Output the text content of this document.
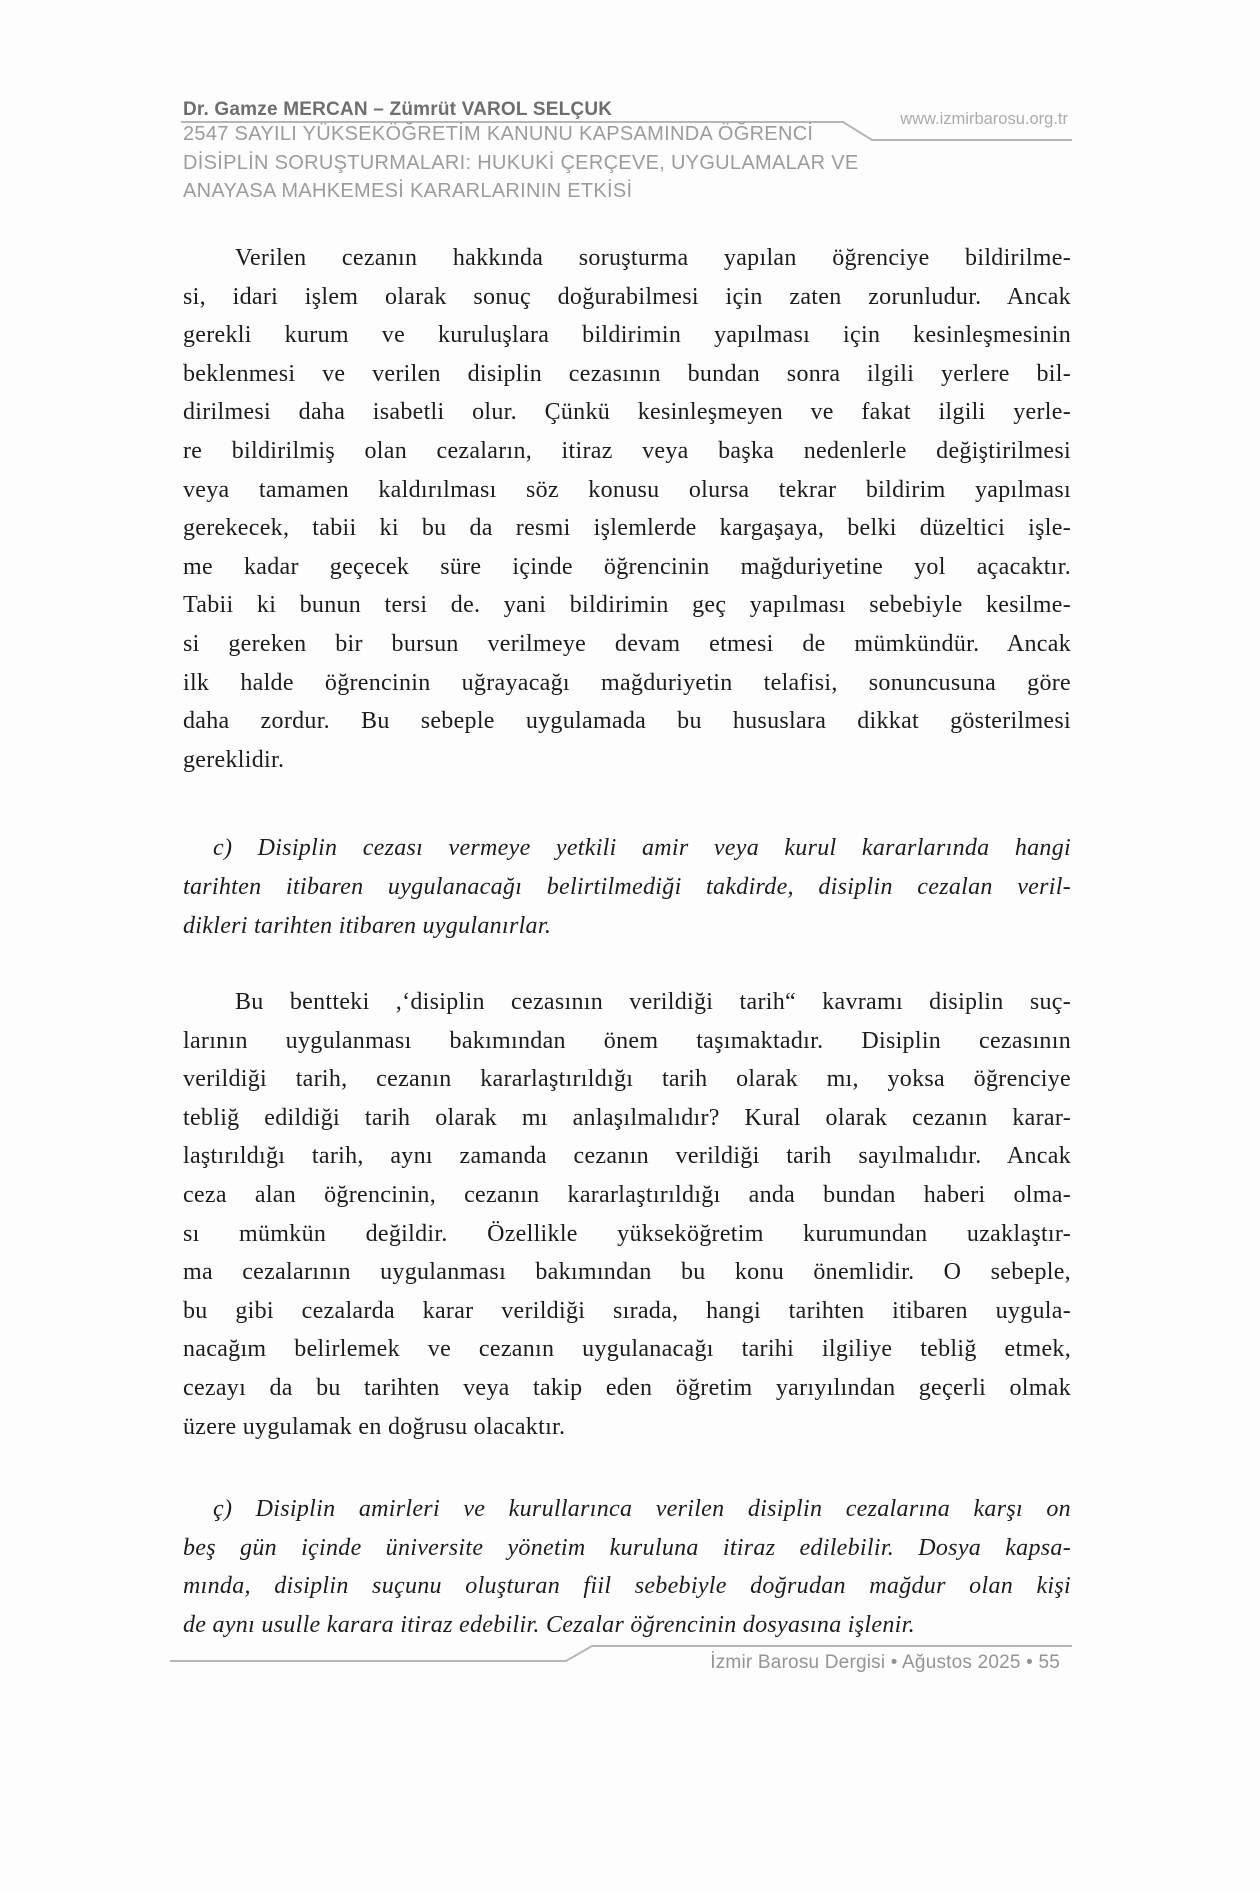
Dr. Gamze MERCAN – Zümrüt VAROL SELÇUK	www.izmirbarosu.org.tr
2547 SAYILI YÜKSEKÖĞRETİM KANUNU KAPSAMINDA ÖĞRENCİ
DİSİPLİN SORUŞTURMALARI: HUKUKİ ÇERÇEVE, UYGULAMALAR VE
ANAYASA MAHKEMESİ KARARLARININ ETKİSİ
Verilen cezanın hakkında soruşturma yapılan öğrenciye bildirilme-
si, idari işlem olarak sonuç doğurabilmesi için zaten zorunludur. Ancak
gerekli kurum ve kuruluşlara bildirimin yapılması için kesinleşmesinin
beklenmesi ve verilen disiplin cezasının bundan sonra ilgili yerlere bil-
dirilmesi daha isabetli olur. Çünkü kesinleşmeyen ve fakat ilgili yerle-
re bildirilmiş olan cezaların, itiraz veya başka nedenlerle değiştirilmesi
veya tamamen kaldırılması söz konusu olursa tekrar bildirim yapılması
gerekecek, tabii ki bu da resmi işlemlerde kargaşaya, belki düzeltici işle-
me kadar geçecek süre içinde öğrencinin mağduriyetine yol açacaktır.
Tabii ki bunun tersi de. yani bildirimin geç yapılması sebebiyle kesilme-
si gereken bir bursun verilmeye devam etmesi de mümkündür. Ancak
ilk halde öğrencinin uğrayacağı mağduriyetin telafisi, sonuncusuna göre
daha zordur. Bu sebeple uygulamada bu hususlara dikkat gösterilmesi
gereklidir.
c) Disiplin cezası vermeye yetkili amir veya kurul kararlarında hangi
tarihten itibaren uygulanacağı belirtilmediği takdirde, disiplin cezalan veril-
dikleri tarihten itibaren uygulanırlar.
Bu bentteki ,‘disiplin cezasının verildiği tarih“ kavramı disiplin suç-
larının uygulanması bakımından önem taşımaktadır. Disiplin cezasının
verildiği tarih, cezanın kararlaştırıldığı tarih olarak mı, yoksa öğrenciye
tebliğ edildiği tarih olarak mı anlaşılmalıdır? Kural olarak cezanın karar-
laştırıldığı tarih, aynı zamanda cezanın verildiği tarih sayılmalıdır. Ancak
ceza alan öğrencinin, cezanın kararlaştırıldığı anda bundan haberi olma-
sı mümkün değildir. Özellikle yükseköğretim kurumundan uzaklaştır-
ma cezalarının uygulanması bakımından bu konu önemlidir. O sebeple,
bu gibi cezalarda karar verildiği sırada, hangi tarihten itibaren uygula-
nacağım belirlemek ve cezanın uygulanacağı tarihi ilgiliye tebliğ etmek,
cezayı da bu tarihten veya takip eden öğretim yarıyılından geçerli olmak
üzere uygulamak en doğrusu olacaktır.
ç) Disiplin amirleri ve kurullarınca verilen disiplin cezalarına karşı on
beş gün içinde üniversite yönetim kuruluna itiraz edilebilir. Dosya kapsa-
mında, disiplin suçunu oluşturan fiil sebebiyle doğrudan mağdur olan kişi
de aynı usulle karara itiraz edebilir. Cezalar öğrencinin dosyasına işlenir.
İzmir Barosu Dergisi • Ağustos 2025 • 55
